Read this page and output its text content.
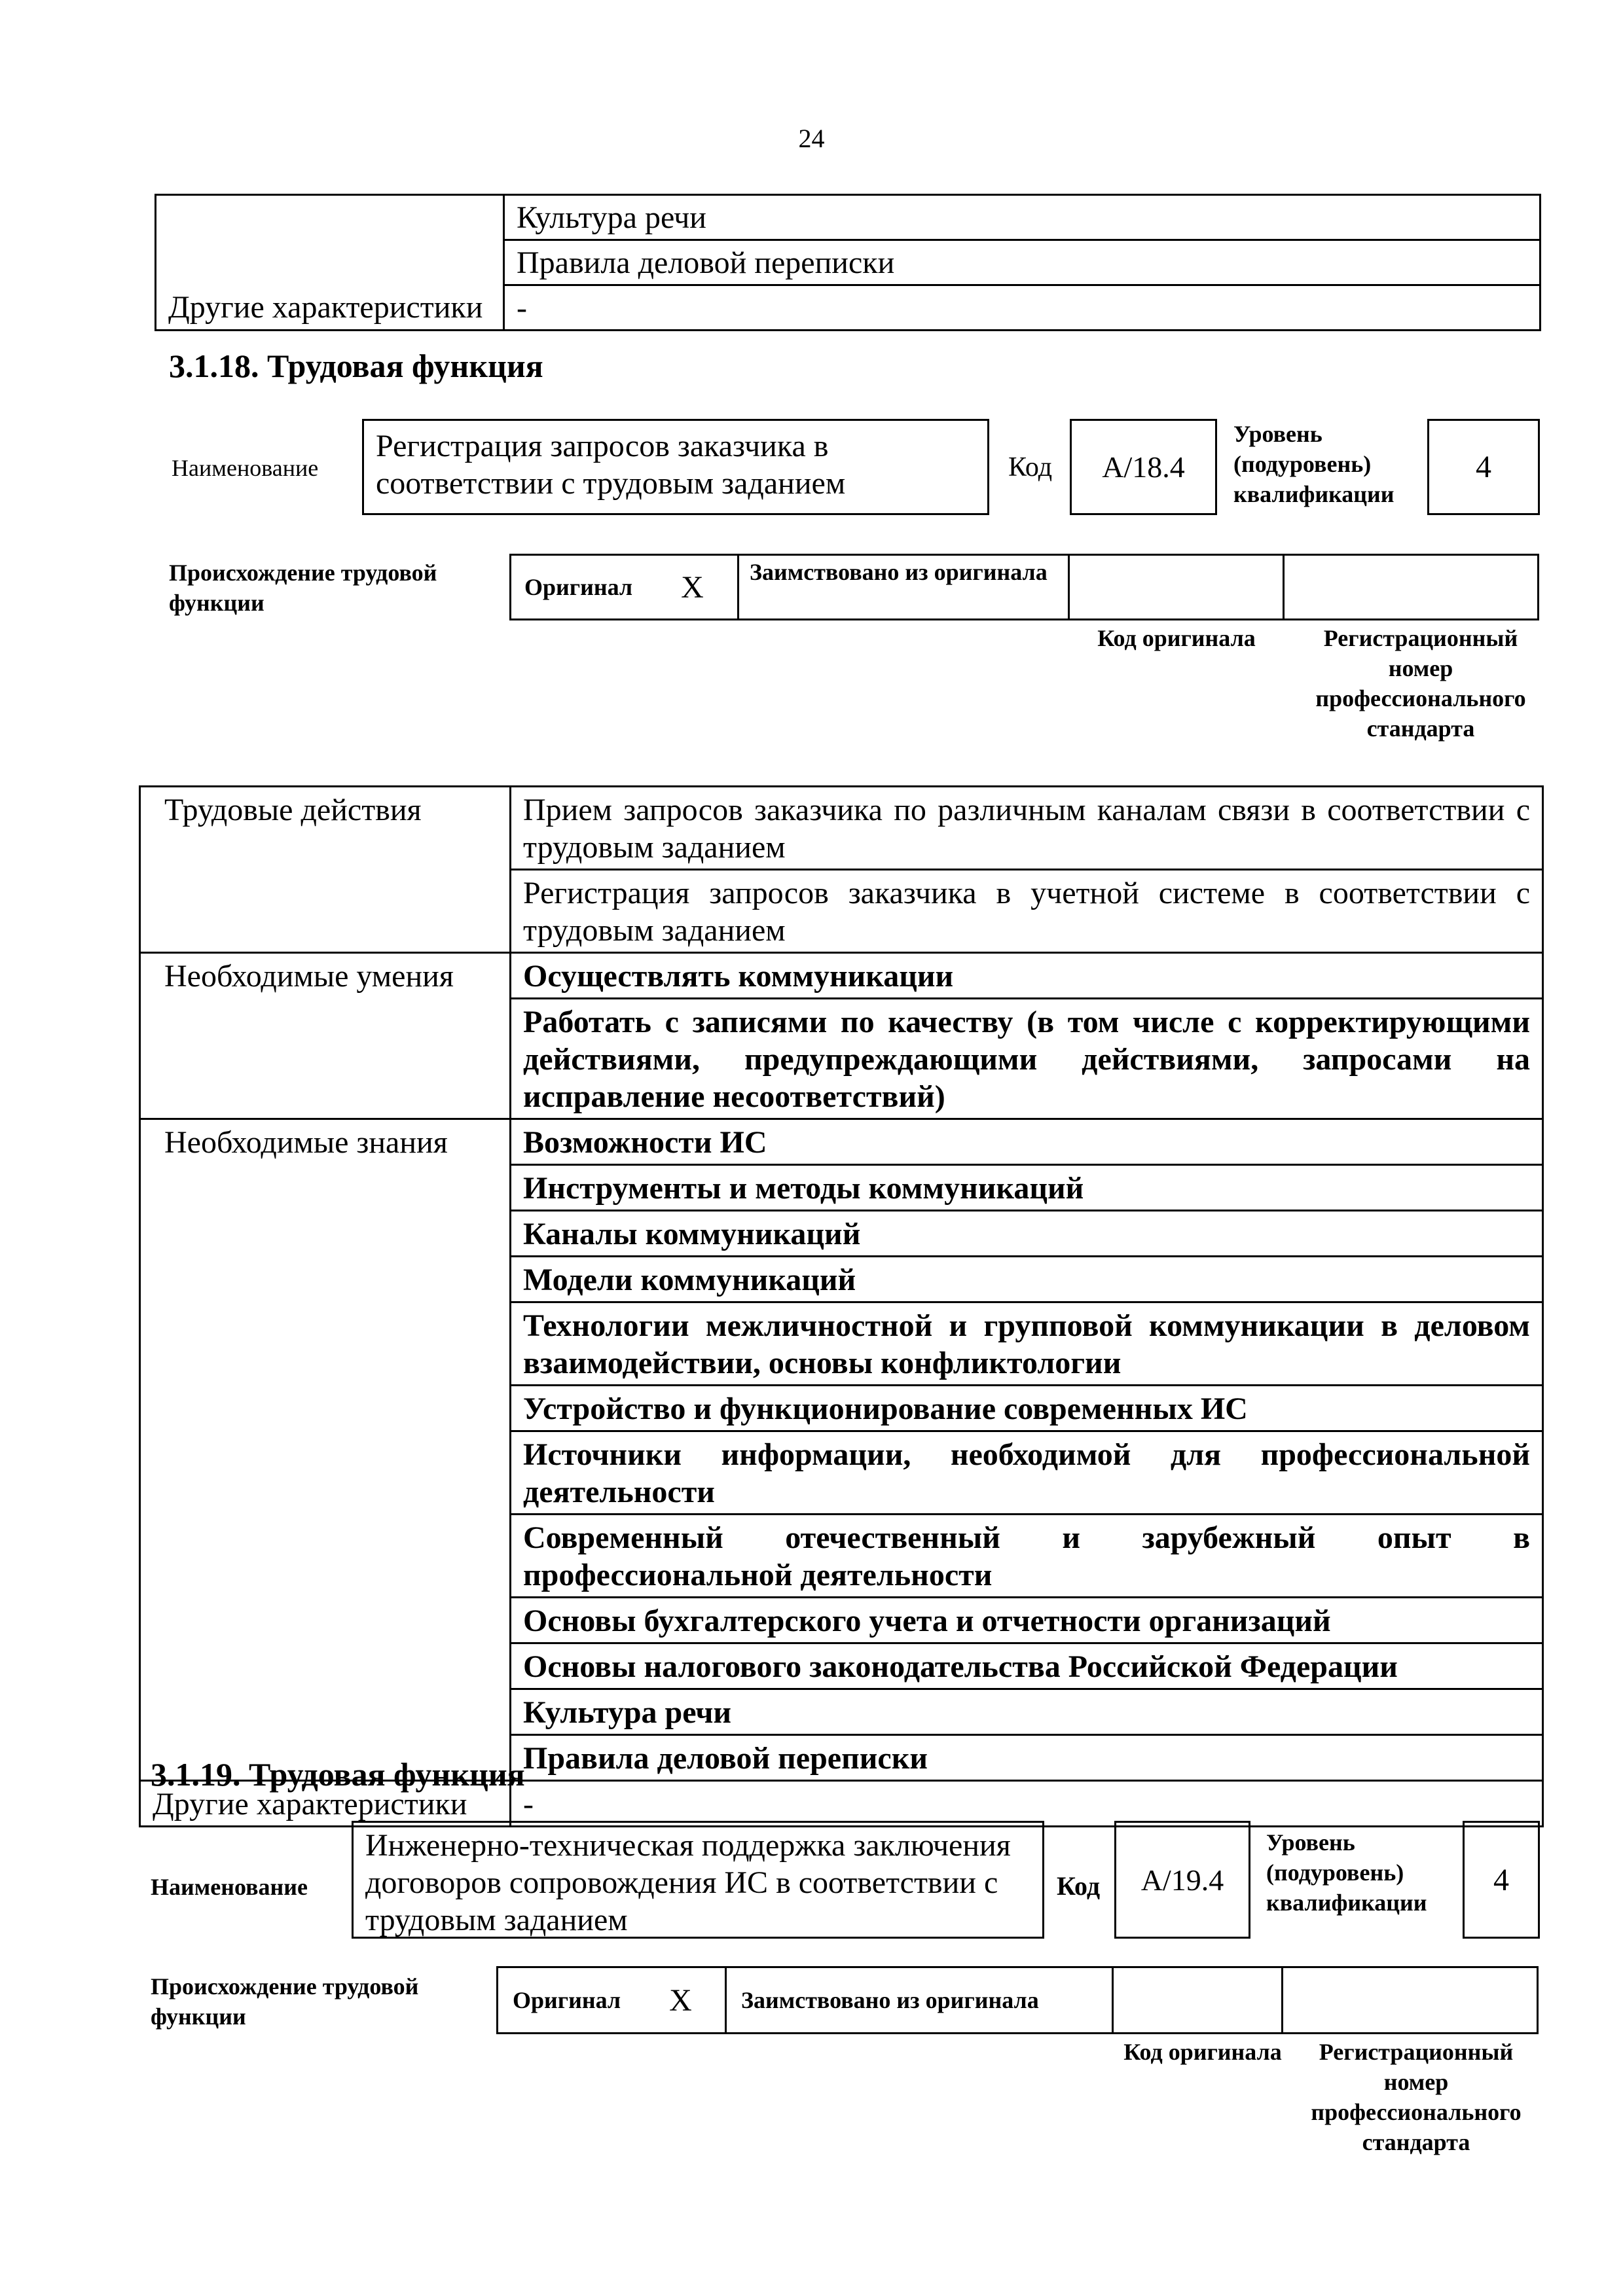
24
	Культура речи
	Правила деловой переписки
Другие характеристики	-
3.1.18. Трудовая функция
Наименование
Регистрация запросов заказчика в соответствии с трудовым заданием	Код	A/18.4
Уровень (подуровень) квалификации
4
Происхождение трудовой функции
Оригинал X	Заимствовано из оригинала
Код оригинала	Регистрационный номер профессионального стандарта
Трудовые действия	Прием запросов заказчика по различным каналам связи в соответствии с трудовым заданием
	Регистрация запросов заказчика в учетной системе в соответствии с трудовым заданием
Необходимые умения	Осуществлять коммуникации
	Работать с записями по качеству (в том числе с корректирующими действиями, предупреждающими действиями, запросами на исправление несоответствий)
Необходимые знания	Возможности ИС
	Инструменты и методы коммуникаций
	Каналы коммуникаций
	Модели коммуникаций
	Технологии межличностной и групповой коммуникации в деловом взаимодействии, основы конфликтологии
	Устройство и функционирование современных ИС
	Источники информации, необходимой для профессиональной деятельности
	Современный отечественный и зарубежный опыт в профессиональной деятельности
	Основы бухгалтерского учета и отчетности организаций
	Основы налогового законодательства Российской Федерации
	Культура речи
	Правила деловой переписки
Другие характеристики	-
3.1.19. Трудовая функция
Наименование
Инженерно-техническая поддержка заключения договоров сопровождения ИС в соответствии с трудовым заданием
Код	A/19.4
Уровень (подуровень) квалификации
4
Происхождение трудовой функции
Оригинал X Заимствовано из оригинала
Код оригинала	Регистрационный номер профессионального стандарта
